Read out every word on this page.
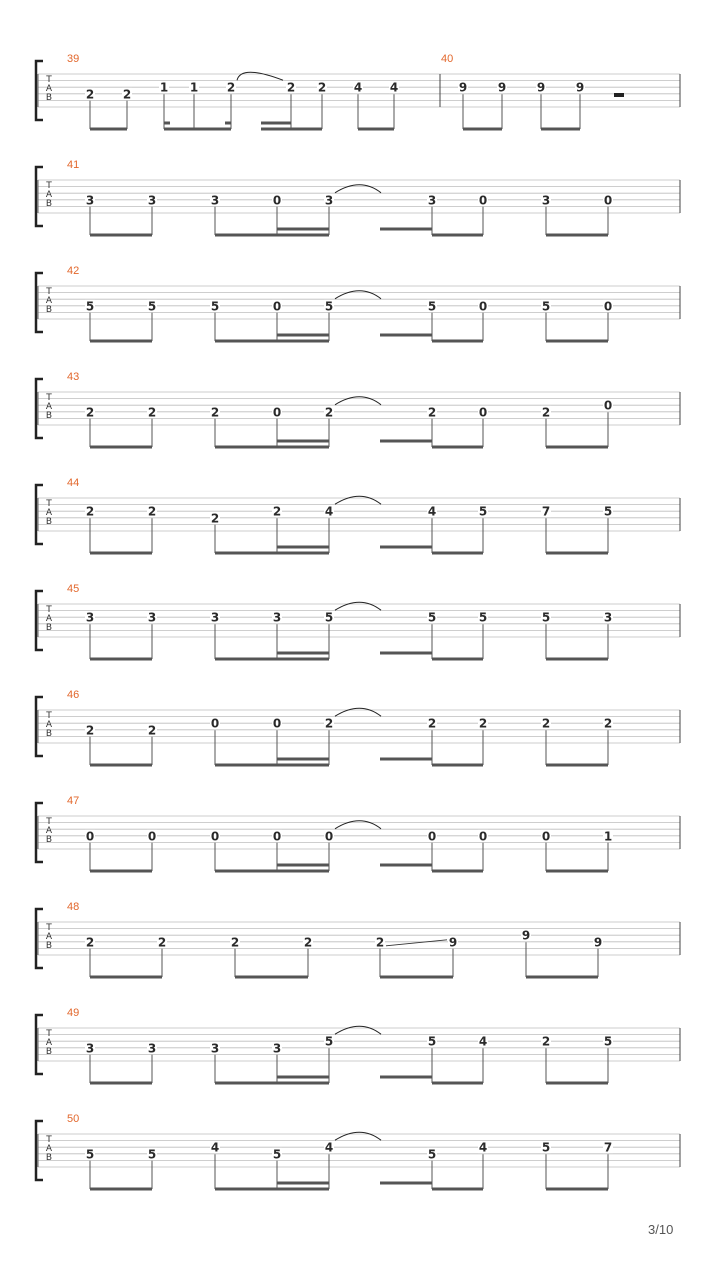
T
A
B
39	40
2 2 1 1 2	2 2 4 4	9	9	9	9
T
A
B
41
3	3	3	0	3	3	0	3	0
T
A
B
42
5	5	5	0	5	5	0	5	0
T
A
B
43
2	2	2	0	2	2	0	2	0
T
A
B
44
2	2	2	2	4	4	5	7	5
T
A
B
45
3	3	3	3	5	5	5	5	3
T
A
B
46
2	2	0	0	2	2	2	2	2
T
A
B
47
0	0	0	0	0	0	0	0	1
T
A
B
48
2	2	2	2	2	9	9	9
T
A
B
49
3	3	3	3	5	5	4	2	5
T
A
B
50
5	5	4	5	4	5	4	5	7
3/10
